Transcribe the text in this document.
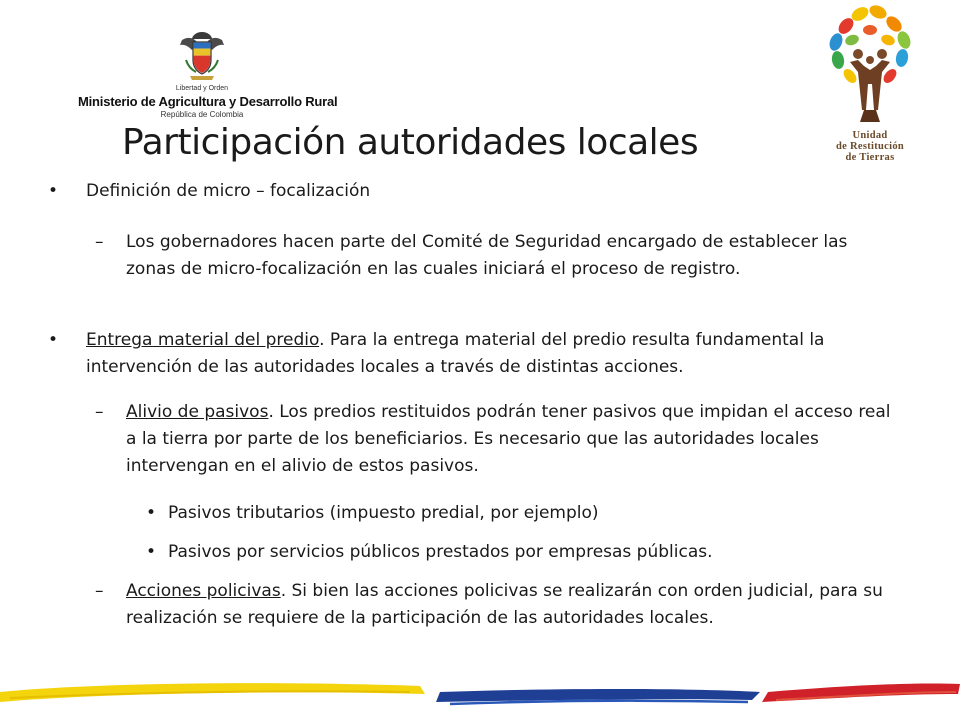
Libertad y Orden
Ministerio de Agricultura y Desarrollo Rural
República de Colombia
Unidad
de Restitución
de Tierras
Participación autoridades locales
• Definición de micro – focalización

– Los gobernadores hacen parte del Comité de Seguridad encargado de establecer las zonas de micro-focalización en las cuales iniciará el proceso de registro.

• Entrega material del predio. Para la entrega material del predio resulta fundamental la intervención de las autoridades locales a través de distintas acciones.

– Alivio de pasivos. Los predios restituidos podrán tener pasivos que impidan el acceso real a la tierra por parte de los beneficiarios. Es necesario que las autoridades locales intervengan en el alivio de estos pasivos.

• Pasivos tributarios (impuesto predial, por ejemplo)

• Pasivos por servicios públicos prestados por empresas públicas.

– Acciones policivas. Si bien las acciones policivas se realizarán con orden judicial, para su realización se requiere de la participación de las autoridades locales.
